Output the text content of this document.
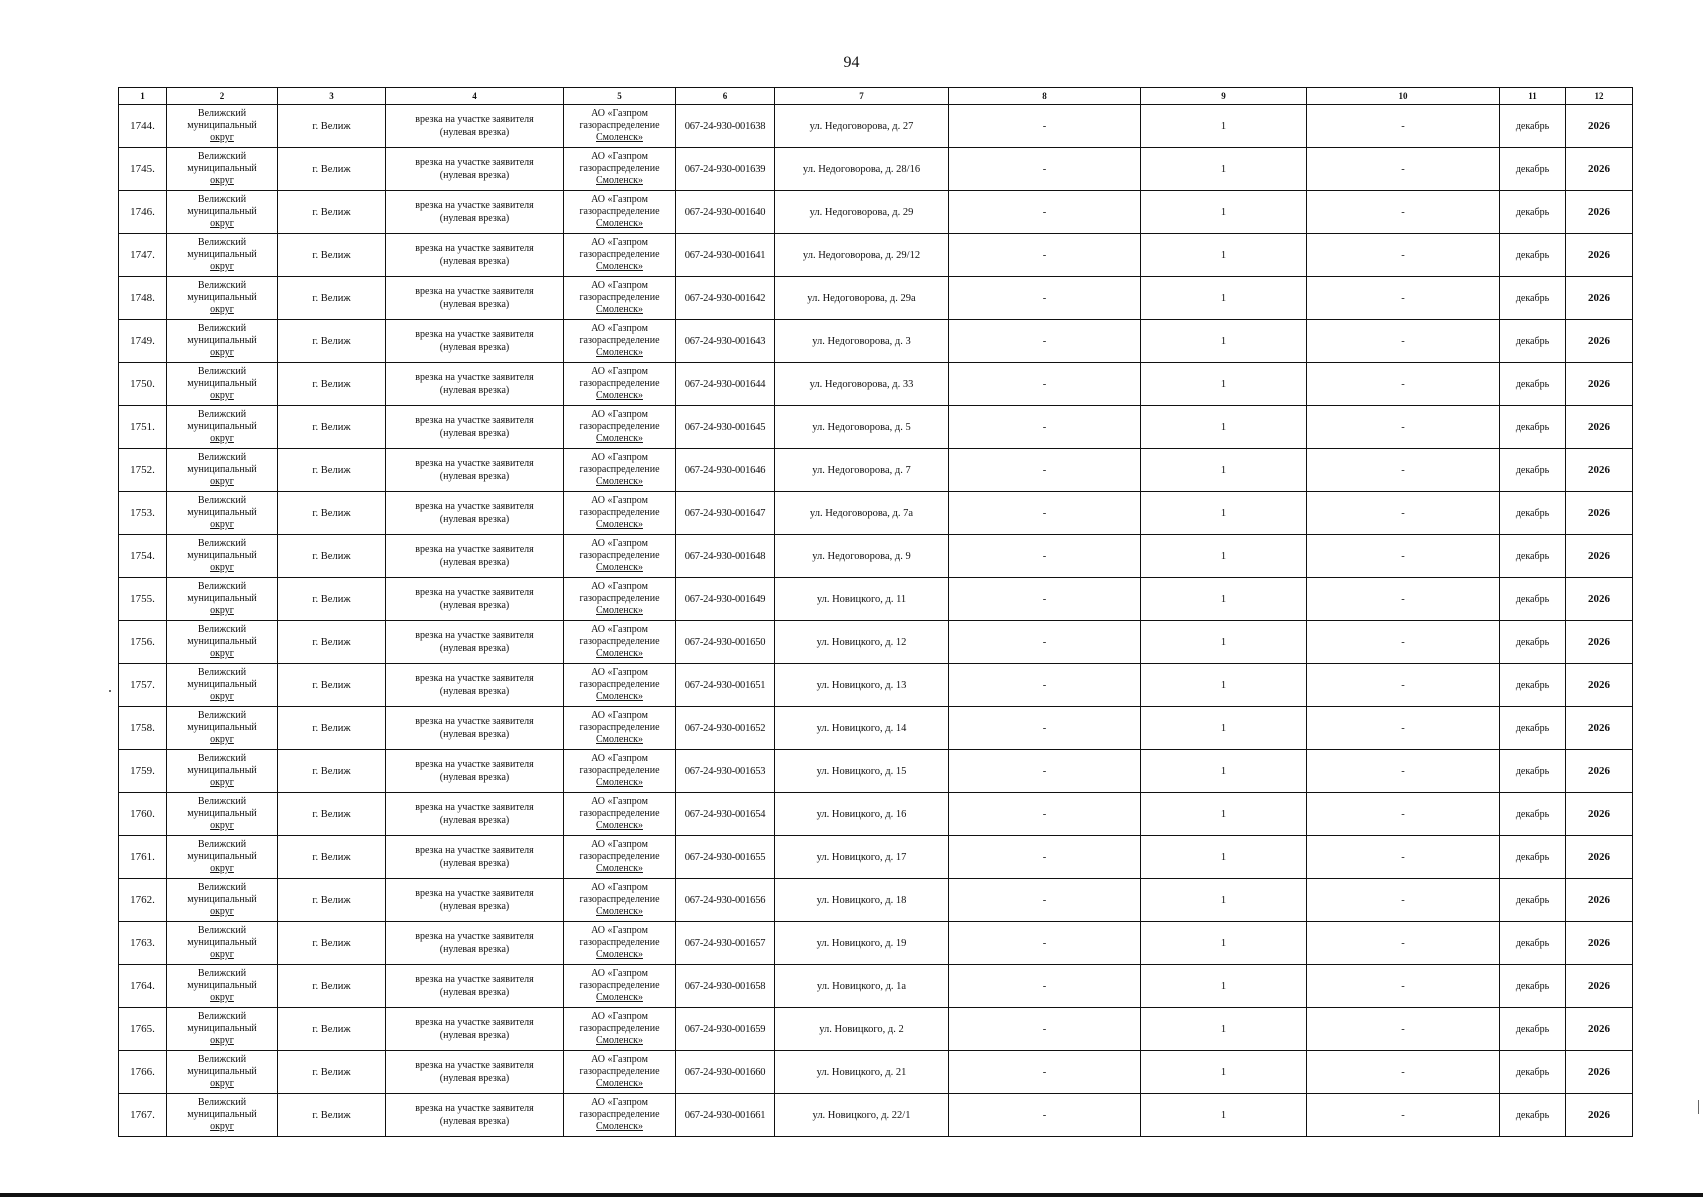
94
1	2	3	4	5	6	7	8	9	10	11	12
1744.	Велижский
муниципальный
округ	г. Велиж	врезка на участке заявителя
(нулевая врезка)	АО «Газпром
газораспределение
Смоленск»	067-24-930-001638	ул. Недоговорова, д. 27	-	1	-	декабрь	2026
1745.	Велижский
муниципальный
округ	г. Велиж	врезка на участке заявителя
(нулевая врезка)	АО «Газпром
газораспределение
Смоленск»	067-24-930-001639	ул. Недоговорова, д. 28/16	-	1	-	декабрь	2026
1746.	Велижский
муниципальный
округ	г. Велиж	врезка на участке заявителя
(нулевая врезка)	АО «Газпром
газораспределение
Смоленск»	067-24-930-001640	ул. Недоговорова, д. 29	-	1	-	декабрь	2026
1747.	Велижский
муниципальный
округ	г. Велиж	врезка на участке заявителя
(нулевая врезка)	АО «Газпром
газораспределение
Смоленск»	067-24-930-001641	ул. Недоговорова, д. 29/12	-	1	-	декабрь	2026
1748.	Велижский
муниципальный
округ	г. Велиж	врезка на участке заявителя
(нулевая врезка)	АО «Газпром
газораспределение
Смоленск»	067-24-930-001642	ул. Недоговорова, д. 29а	-	1	-	декабрь	2026
1749.	Велижский
муниципальный
округ	г. Велиж	врезка на участке заявителя
(нулевая врезка)	АО «Газпром
газораспределение
Смоленск»	067-24-930-001643	ул. Недоговорова, д. 3	-	1	-	декабрь	2026
1750.	Велижский
муниципальный
округ	г. Велиж	врезка на участке заявителя
(нулевая врезка)	АО «Газпром
газораспределение
Смоленск»	067-24-930-001644	ул. Недоговорова, д. 33	-	1	-	декабрь	2026
1751.	Велижский
муниципальный
округ	г. Велиж	врезка на участке заявителя
(нулевая врезка)	АО «Газпром
газораспределение
Смоленск»	067-24-930-001645	ул. Недоговорова, д. 5	-	1	-	декабрь	2026
1752.	Велижский
муниципальный
округ	г. Велиж	врезка на участке заявителя
(нулевая врезка)	АО «Газпром
газораспределение
Смоленск»	067-24-930-001646	ул. Недоговорова, д. 7	-	1	-	декабрь	2026
1753.	Велижский
муниципальный
округ	г. Велиж	врезка на участке заявителя
(нулевая врезка)	АО «Газпром
газораспределение
Смоленск»	067-24-930-001647	ул. Недоговорова, д. 7а	-	1	-	декабрь	2026
1754.	Велижский
муниципальный
округ	г. Велиж	врезка на участке заявителя
(нулевая врезка)	АО «Газпром
газораспределение
Смоленск»	067-24-930-001648	ул. Недоговорова, д. 9	-	1	-	декабрь	2026
1755.	Велижский
муниципальный
округ	г. Велиж	врезка на участке заявителя
(нулевая врезка)	АО «Газпром
газораспределение
Смоленск»	067-24-930-001649	ул. Новицкого, д. 11	-	1	-	декабрь	2026
1756.	Велижский
муниципальный
округ	г. Велиж	врезка на участке заявителя
(нулевая врезка)	АО «Газпром
газораспределение
Смоленск»	067-24-930-001650	ул. Новицкого, д. 12	-	1	-	декабрь	2026
1757.	Велижский
муниципальный
округ	г. Велиж	врезка на участке заявителя
(нулевая врезка)	АО «Газпром
газораспределение
Смоленск»	067-24-930-001651	ул. Новицкого, д. 13	-	1	-	декабрь	2026
1758.	Велижский
муниципальный
округ	г. Велиж	врезка на участке заявителя
(нулевая врезка)	АО «Газпром
газораспределение
Смоленск»	067-24-930-001652	ул. Новицкого, д. 14	-	1	-	декабрь	2026
1759.	Велижский
муниципальный
округ	г. Велиж	врезка на участке заявителя
(нулевая врезка)	АО «Газпром
газораспределение
Смоленск»	067-24-930-001653	ул. Новицкого, д. 15	-	1	-	декабрь	2026
1760.	Велижский
муниципальный
округ	г. Велиж	врезка на участке заявителя
(нулевая врезка)	АО «Газпром
газораспределение
Смоленск»	067-24-930-001654	ул. Новицкого, д. 16	-	1	-	декабрь	2026
1761.	Велижский
муниципальный
округ	г. Велиж	врезка на участке заявителя
(нулевая врезка)	АО «Газпром
газораспределение
Смоленск»	067-24-930-001655	ул. Новицкого, д. 17	-	1	-	декабрь	2026
1762.	Велижский
муниципальный
округ	г. Велиж	врезка на участке заявителя
(нулевая врезка)	АО «Газпром
газораспределение
Смоленск»	067-24-930-001656	ул. Новицкого, д. 18	-	1	-	декабрь	2026
1763.	Велижский
муниципальный
округ	г. Велиж	врезка на участке заявителя
(нулевая врезка)	АО «Газпром
газораспределение
Смоленск»	067-24-930-001657	ул. Новицкого, д. 19	-	1	-	декабрь	2026
1764.	Велижский
муниципальный
округ	г. Велиж	врезка на участке заявителя
(нулевая врезка)	АО «Газпром
газораспределение
Смоленск»	067-24-930-001658	ул. Новицкого, д. 1а	-	1	-	декабрь	2026
1765.	Велижский
муниципальный
округ	г. Велиж	врезка на участке заявителя
(нулевая врезка)	АО «Газпром
газораспределение
Смоленск»	067-24-930-001659	ул. Новицкого, д. 2	-	1	-	декабрь	2026
1766.	Велижский
муниципальный
округ	г. Велиж	врезка на участке заявителя
(нулевая врезка)	АО «Газпром
газораспределение
Смоленск»	067-24-930-001660	ул. Новицкого, д. 21	-	1	-	декабрь	2026
1767.	Велижский
муниципальный
округ	г. Велиж	врезка на участке заявителя
(нулевая врезка)	АО «Газпром
газораспределение
Смоленск»	067-24-930-001661	ул. Новицкого, д. 22/1	-	1	-	декабрь	2026
